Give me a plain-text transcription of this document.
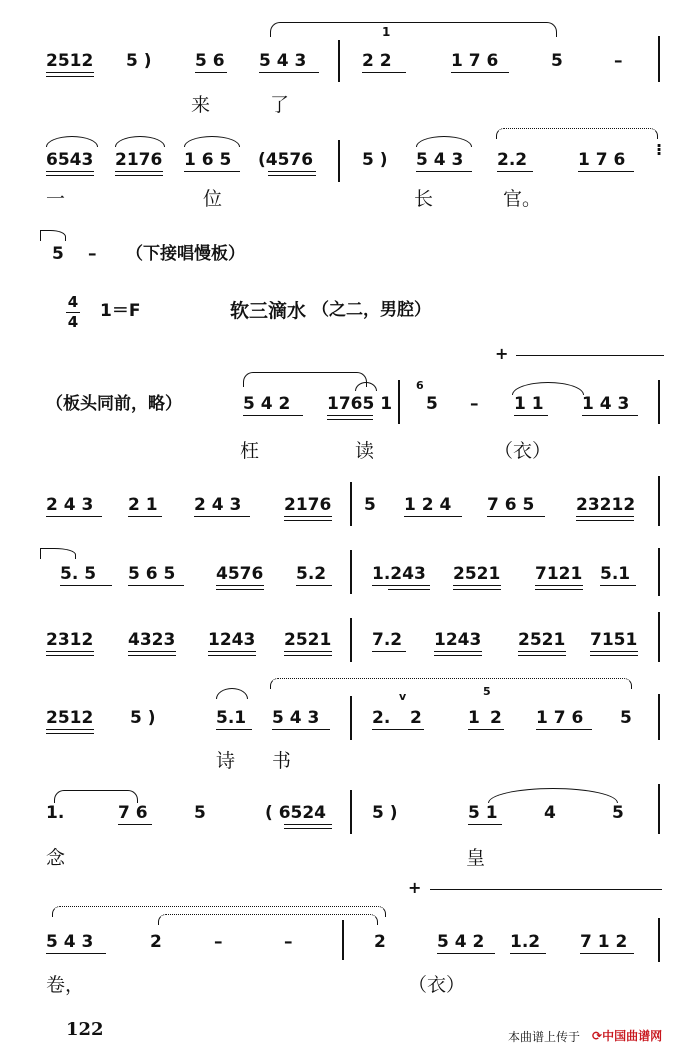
2512 5 )	5 6 5 4 3
1
2 2	1 7 6	5	–
来	了
6543 2176 1 6 5 (4576	5 ) 5 4 3 2.2	1 7 6
⁝
一	位	长	官。
5 – （下接唱慢板）
4
4
1＝F	软三滴水 （之二，男腔）
+
（板头同前，略）	5 4 2 1765 1
6
5 – 1 1 1 4 3
枉	读	（衣）
2 4 3 2 1 2 4 3	2176 5 1 2 4 7 6 5 23212
5. 5 5 6 5 4576 5.2	1.243 2521 7121 5.1
2312 4323 1243 2521 7.2 1243 2521 7151
v	5
2512 5 )	5.1 5 4 3	2. 2	1 2 1 7 6 5
诗 书
1.	7 6	5	( 6524	5 )	5 1	4	5
念	皇
+
5 4 3	2	–	–	2	5 4 2 1.2 7 1 2
卷，	（衣）
122	本曲谱上传于 ⟳中国曲谱网
